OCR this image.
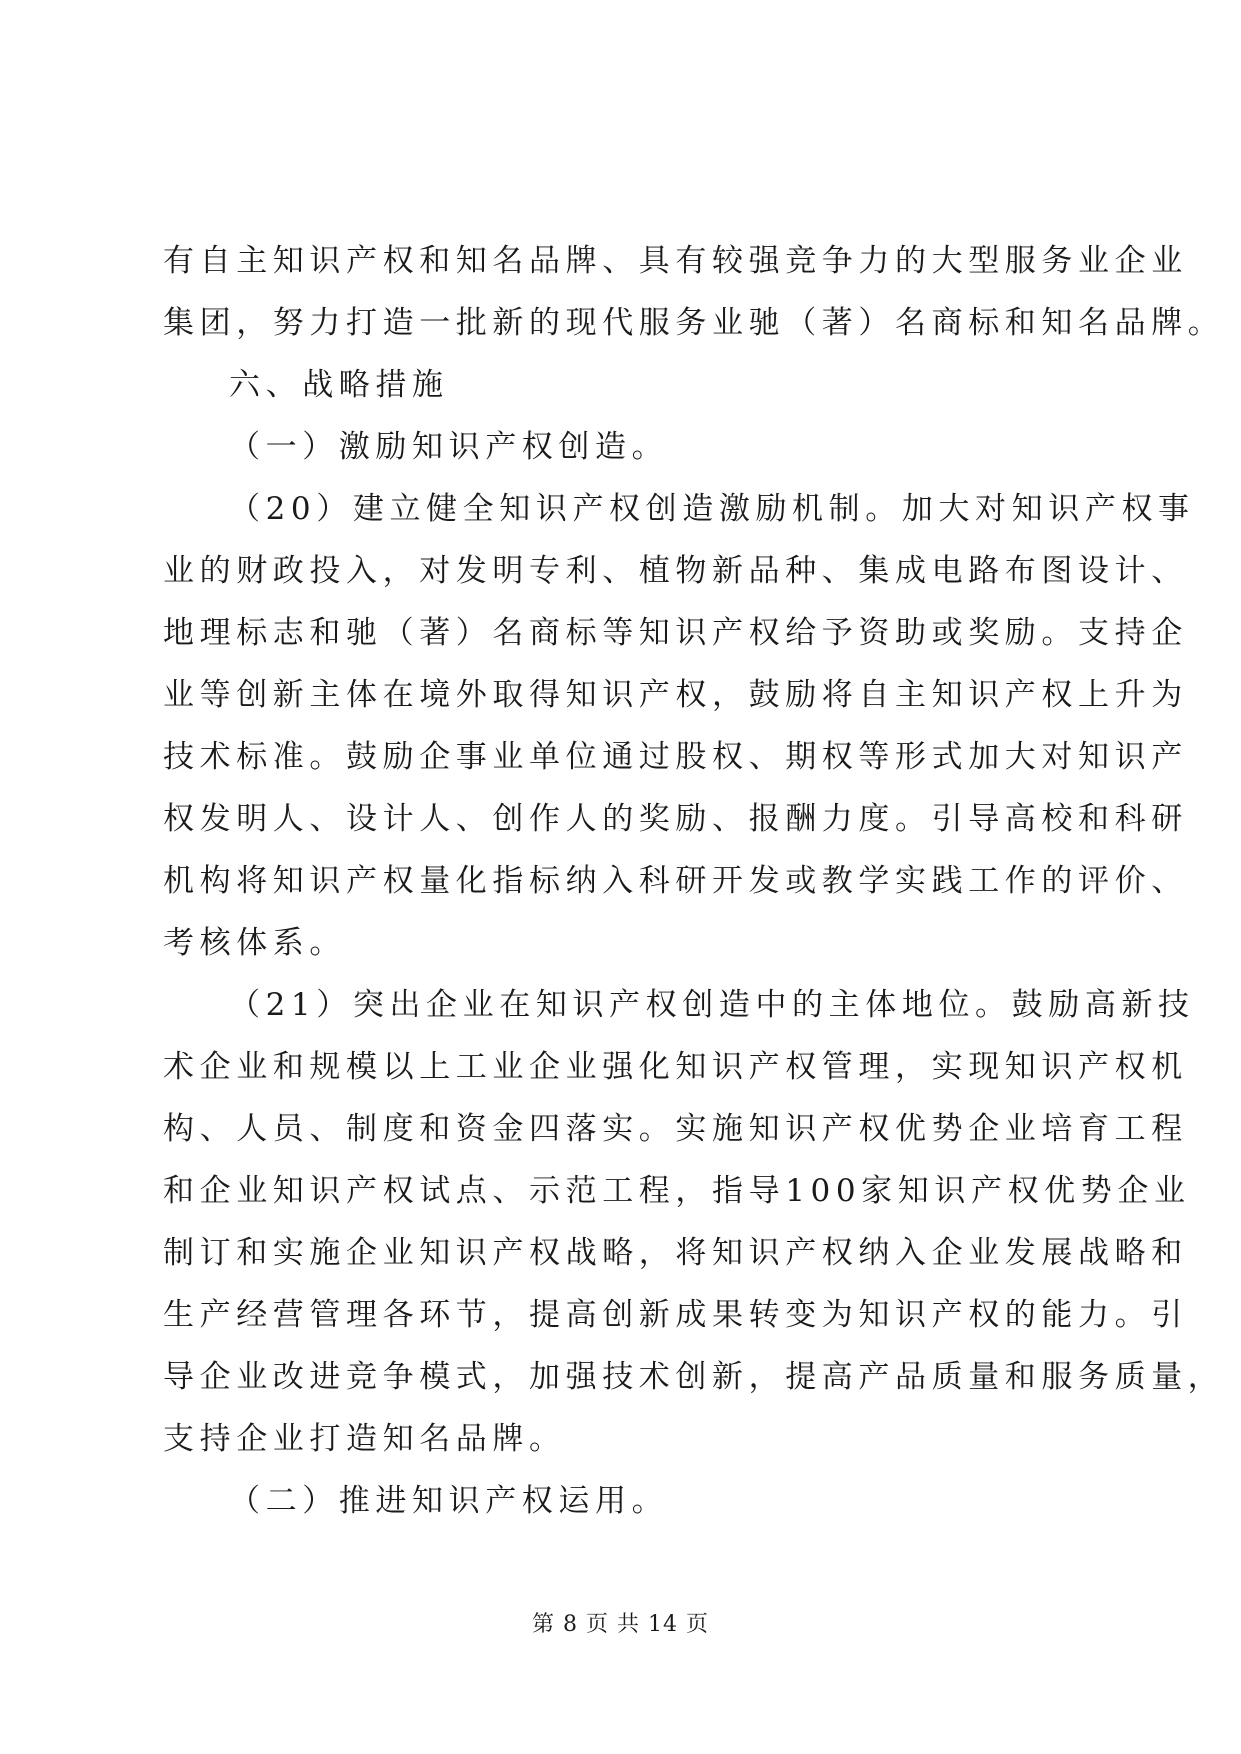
有自主知识产权和知名品牌、具有较强竞争力的大型服务业企业
集团，努力打造一批新的现代服务业驰（著）名商标和知名品牌。
六、战略措施
（一）激励知识产权创造。
（20）建立健全知识产权创造激励机制。加大对知识产权事
业的财政投入，对发明专利、植物新品种、集成电路布图设计、
地理标志和驰（著）名商标等知识产权给予资助或奖励。支持企
业等创新主体在境外取得知识产权，鼓励将自主知识产权上升为
技术标准。鼓励企事业单位通过股权、期权等形式加大对知识产
权发明人、设计人、创作人的奖励、报酬力度。引导高校和科研
机构将知识产权量化指标纳入科研开发或教学实践工作的评价、
考核体系。
（21）突出企业在知识产权创造中的主体地位。鼓励高新技
术企业和规模以上工业企业强化知识产权管理，实现知识产权机
构、人员、制度和资金四落实。实施知识产权优势企业培育工程
和企业知识产权试点、示范工程，指导100家知识产权优势企业
制订和实施企业知识产权战略，将知识产权纳入企业发展战略和
生产经营管理各环节，提高创新成果转变为知识产权的能力。引
导企业改进竞争模式，加强技术创新，提高产品质量和服务质量，
支持企业打造知名品牌。
（二）推进知识产权运用。
第 8 页 共 14 页
